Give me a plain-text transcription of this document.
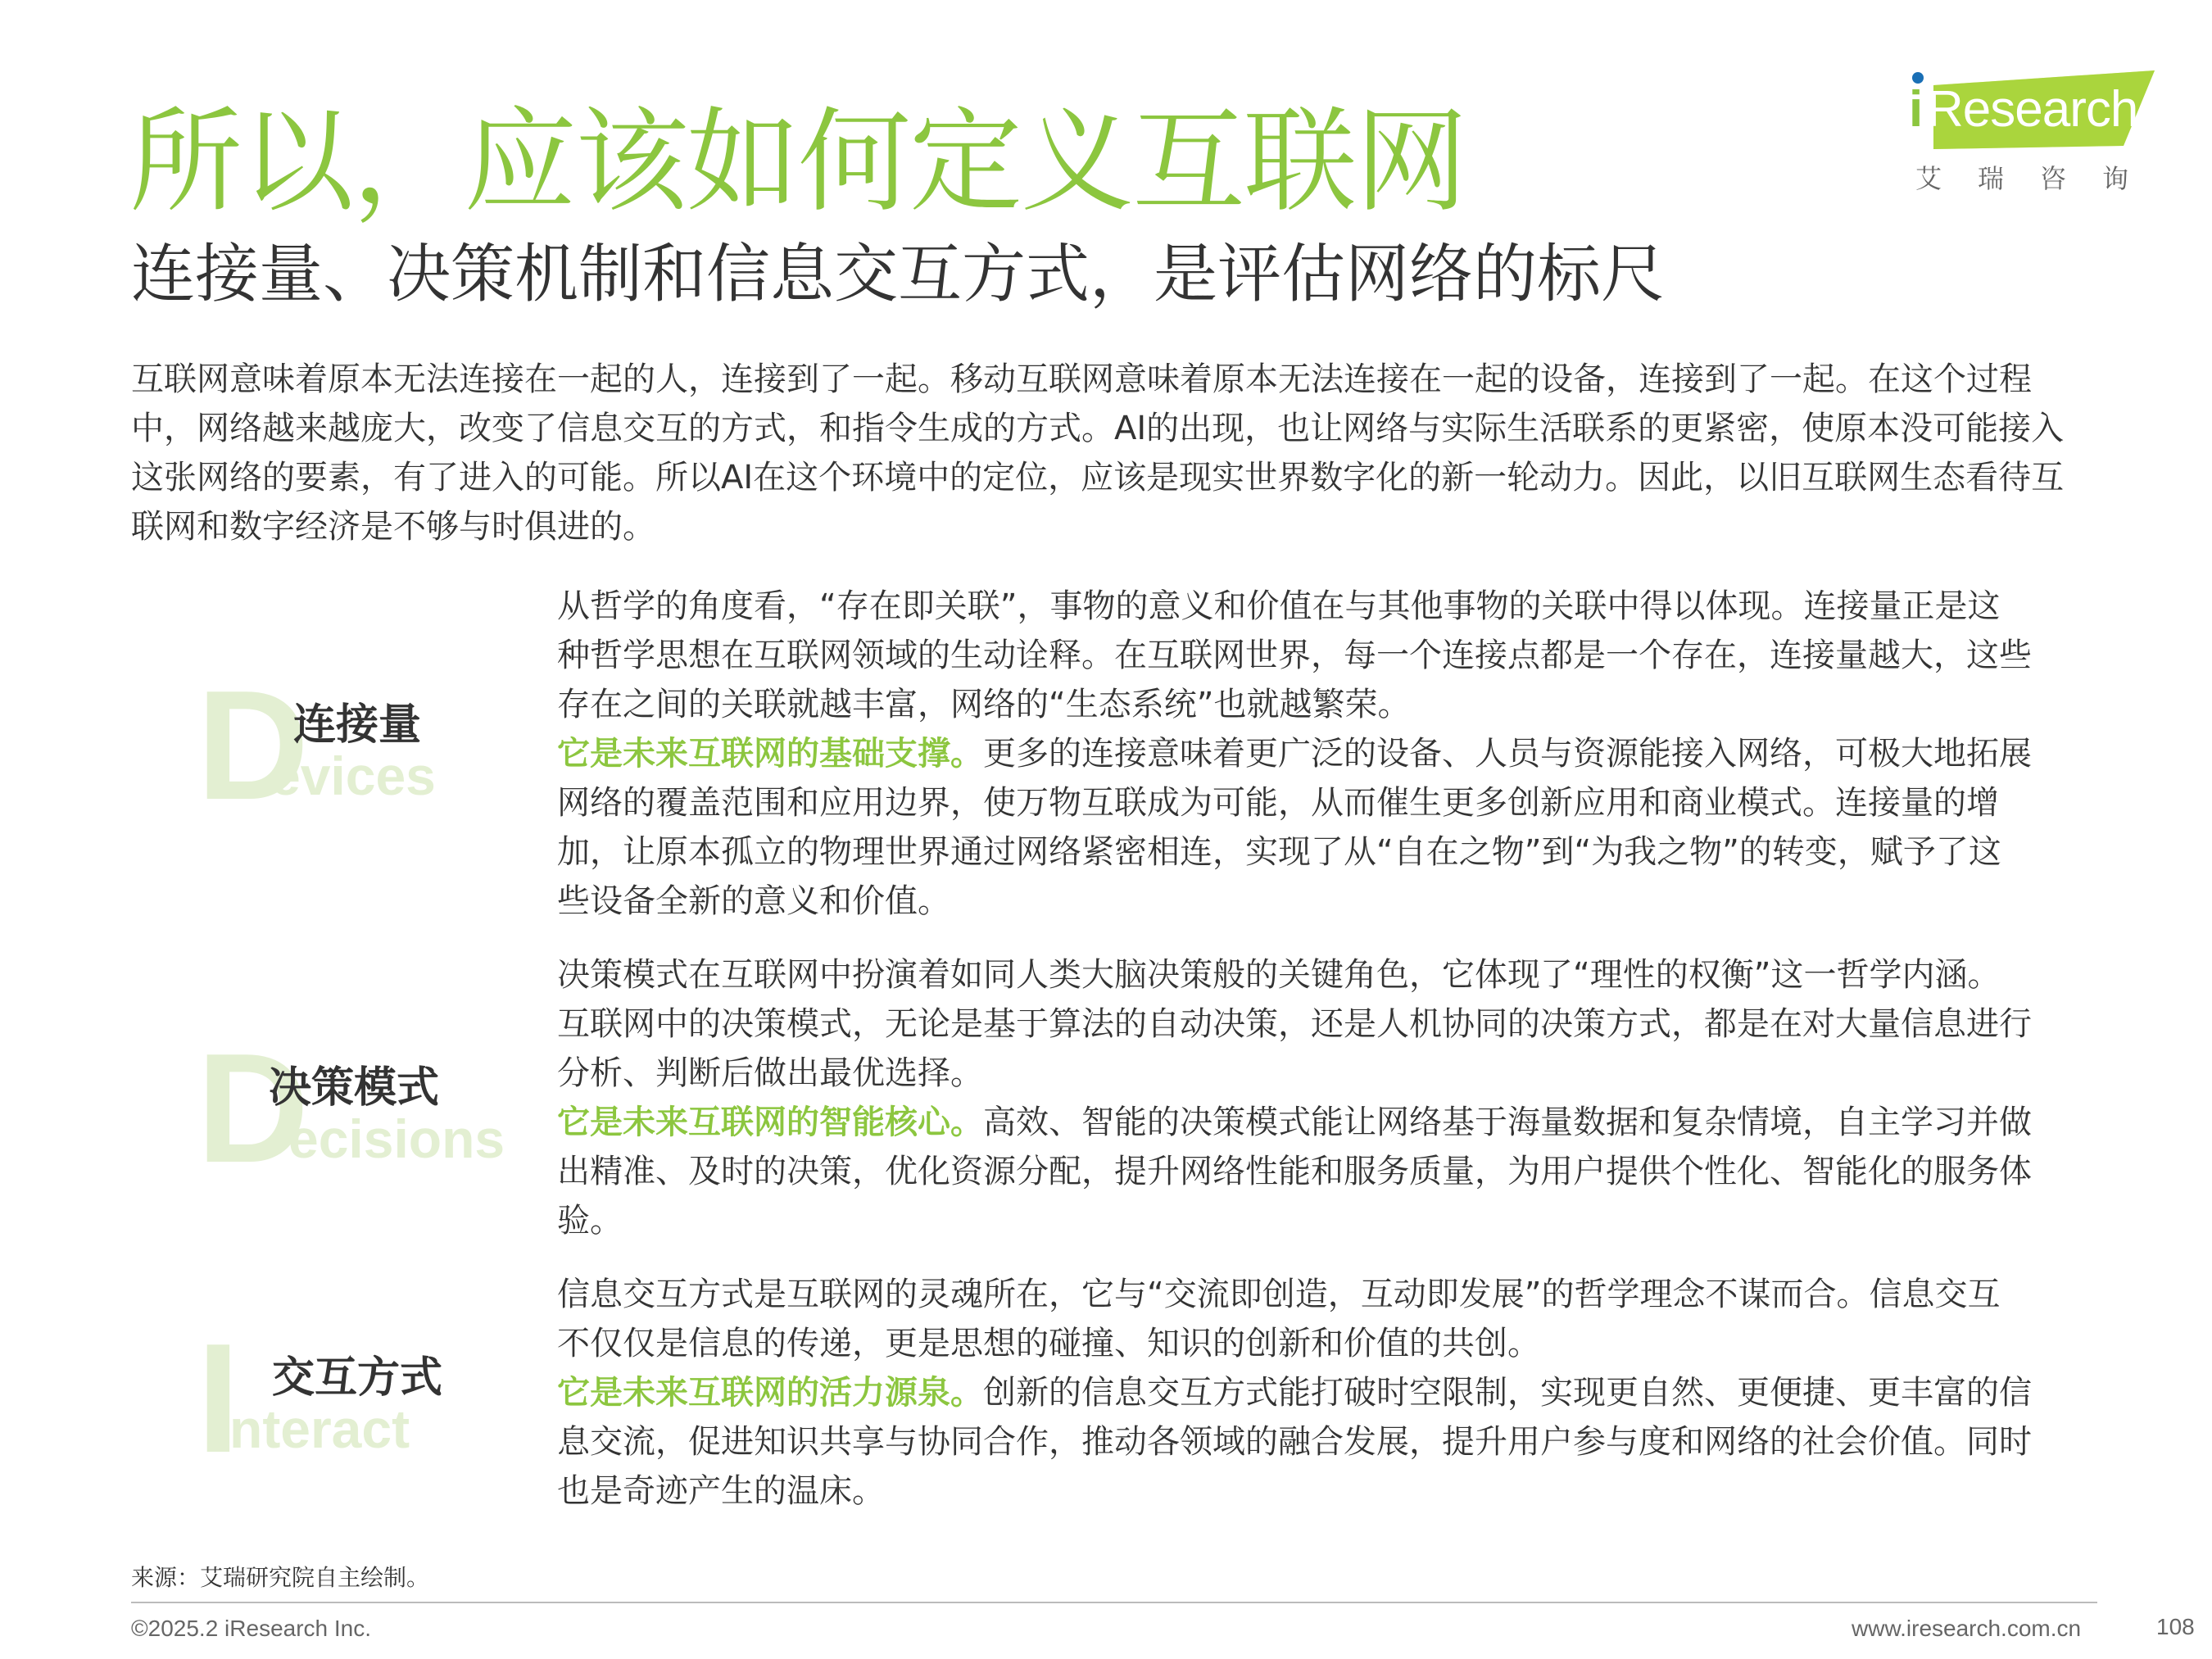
所以，应该如何定义互联网
连接量、决策机制和信息交互方式，是评估网络的标尺
i Research
艾瑞咨询

互联网意味着原本无法连接在一起的人，连接到了一起。移动互联网意味着原本无法连接在一起的设备，连接到了一起。在这个过程中，网络越来越庞大，改变了信息交互的方式，和指令生成的方式。AI的出现，也让网络与实际生活联系的更紧密，使原本没可能接入这张网络的要素，有了进入的可能。所以AI在这个环境中的定位，应该是现实世界数字化的新一轮动力。因此，以旧互联网生态看待互联网和数字经济是不够与时俱进的。

D
evices
连接量
从哲学的角度看，“存在即关联”，事物的意义和价值在与其他事物的关联中得以体现。连接量正是这种哲学思想在互联网领域的生动诠释。在互联网世界，每一个连接点都是一个存在，连接量越大，这些存在之间的关联就越丰富，网络的“生态系统”也就越繁荣。
它是未来互联网的基础支撑。更多的连接意味着更广泛的设备、人员与资源能接入网络，可极大地拓展网络的覆盖范围和应用边界，使万物互联成为可能，从而催生更多创新应用和商业模式。连接量的增加，让原本孤立的物理世界通过网络紧密相连，实现了从“自在之物”到“为我之物”的转变，赋予了这些设备全新的意义和价值。
D
ecisions
决策模式
决策模式在互联网中扮演着如同人类大脑决策般的关键角色，它体现了“理性的权衡”这一哲学内涵。互联网中的决策模式，无论是基于算法的自动决策，还是人机协同的决策方式，都是在对大量信息进行分析、判断后做出最优选择。
它是未来互联网的智能核心。高效、智能的决策模式能让网络基于海量数据和复杂情境，自主学习并做出精准、及时的决策，优化资源分配，提升网络性能和服务质量，为用户提供个性化、智能化的服务体验。
I
nteract
交互方式
信息交互方式是互联网的灵魂所在，它与“交流即创造，互动即发展”的哲学理念不谋而合。信息交互不仅仅是信息的传递，更是思想的碰撞、知识的创新和价值的共创。
它是未来互联网的活力源泉。创新的信息交互方式能打破时空限制，实现更自然、更便捷、更丰富的信息交流，促进知识共享与协同合作，推动各领域的融合发展，提升用户参与度和网络的社会价值。同时也是奇迹产生的温床。
来源：艾瑞研究院自主绘制。
©2025.2 iResearch Inc.	www.iresearch.com.cn	108
